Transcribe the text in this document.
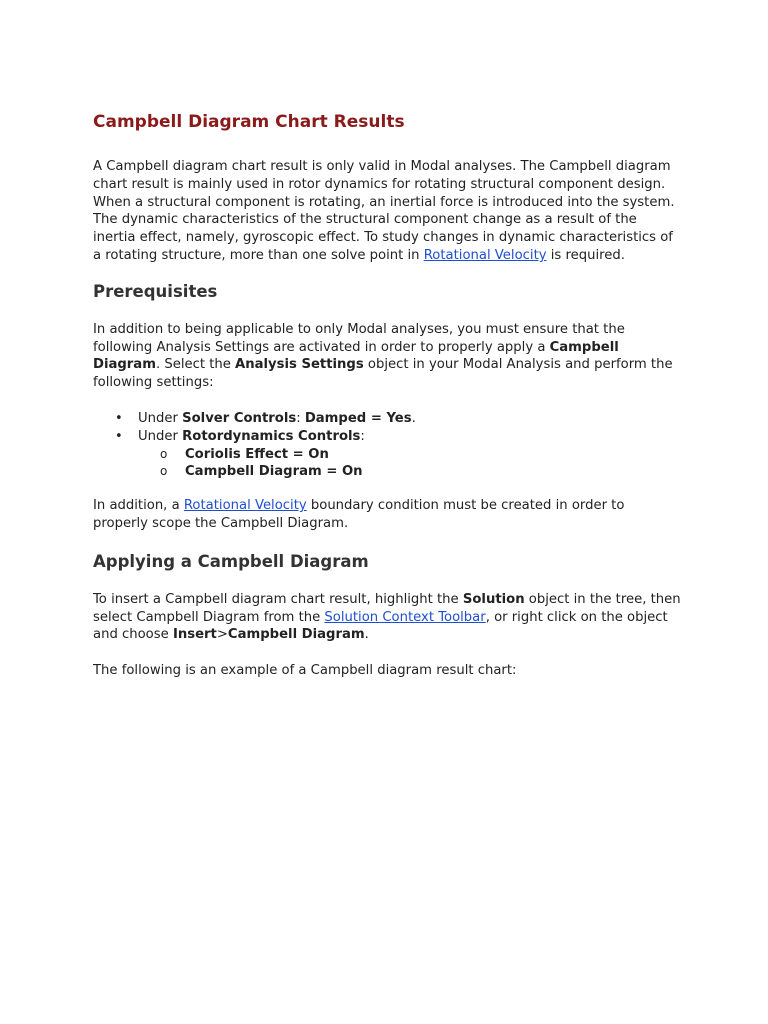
Campbell Diagram Chart Results

A Campbell diagram chart result is only valid in Modal analyses. The Campbell diagram chart result is mainly used in rotor dynamics for rotating structural component design. When a structural component is rotating, an inertial force is introduced into the system. The dynamic characteristics of the structural component change as a result of the inertia effect, namely, gyroscopic effect. To study changes in dynamic characteristics of a rotating structure, more than one solve point in Rotational Velocity is required.

Prerequisites

In addition to being applicable to only Modal analyses, you must ensure that the following Analysis Settings are activated in order to properly apply a Campbell Diagram. Select the Analysis Settings object in your Modal Analysis and perform the following settings:

• Under Solver Controls: Damped = Yes.
• Under Rotordynamics Controls:
o Coriolis Effect = On
o Campbell Diagram = On

In addition, a Rotational Velocity boundary condition must be created in order to properly scope the Campbell Diagram.

Applying a Campbell Diagram

To insert a Campbell diagram chart result, highlight the Solution object in the tree, then select Campbell Diagram from the Solution Context Toolbar, or right click on the object and choose Insert>Campbell Diagram.

The following is an example of a Campbell diagram result chart:
